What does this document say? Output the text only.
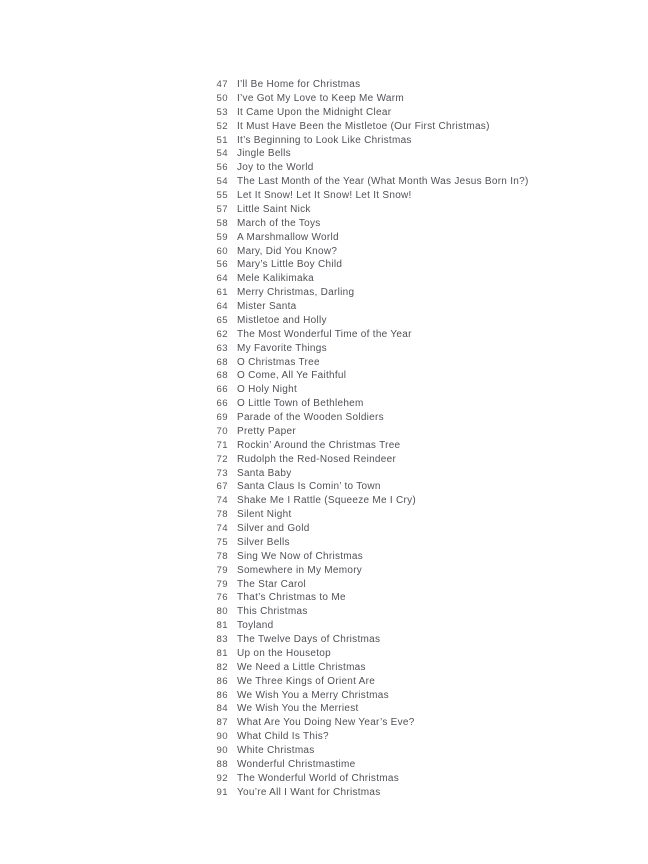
47 I’ll Be Home for Christmas
50 I’ve Got My Love to Keep Me Warm
53 It Came Upon the Midnight Clear
52 It Must Have Been the Mistletoe (Our First Christmas)
51 It’s Beginning to Look Like Christmas
54 Jingle Bells
56 Joy to the World
54 The Last Month of the Year (What Month Was Jesus Born In?)
55 Let It Snow! Let It Snow! Let It Snow!
57 Little Saint Nick
58 March of the Toys
59 A Marshmallow World
60 Mary, Did You Know?
56 Mary’s Little Boy Child
64 Mele Kalikimaka
61 Merry Christmas, Darling
64 Mister Santa
65 Mistletoe and Holly
62 The Most Wonderful Time of the Year
63 My Favorite Things
68 O Christmas Tree
68 O Come, All Ye Faithful
66 O Holy Night
66 O Little Town of Bethlehem
69 Parade of the Wooden Soldiers
70 Pretty Paper
71 Rockin’ Around the Christmas Tree
72 Rudolph the Red-Nosed Reindeer
73 Santa Baby
67 Santa Claus Is Comin’ to Town
74 Shake Me I Rattle (Squeeze Me I Cry)
78 Silent Night
74 Silver and Gold
75 Silver Bells
78 Sing We Now of Christmas
79 Somewhere in My Memory
79 The Star Carol
76 That’s Christmas to Me
80 This Christmas
81 Toyland
83 The Twelve Days of Christmas
81 Up on the Housetop
82 We Need a Little Christmas
86 We Three Kings of Orient Are
86 We Wish You a Merry Christmas
84 We Wish You the Merriest
87 What Are You Doing New Year’s Eve?
90 What Child Is This?
90 White Christmas
88 Wonderful Christmastime
92 The Wonderful World of Christmas
91 You’re All I Want for Christmas
